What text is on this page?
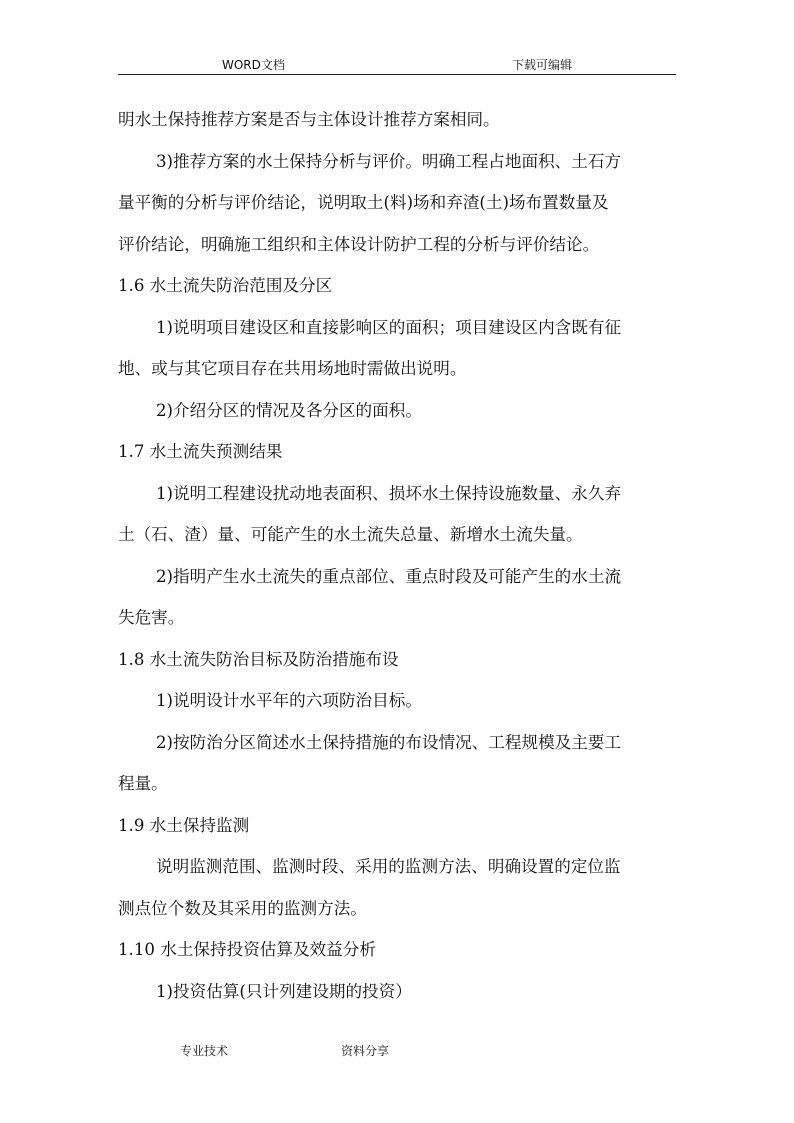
WORD文档	下载可编辑
明水土保持推荐方案是否与主体设计推荐方案相同。
3)推荐方案的水土保持分析与评价。明确工程占地面积、土石方
量平衡的分析与评价结论，说明取土(料)场和弃渣(土)场布置数量及
评价结论，明确施工组织和主体设计防护工程的分析与评价结论。
1.6 水土流失防治范围及分区
1)说明项目建设区和直接影响区的面积；项目建设区内含既有征
地、或与其它项目存在共用场地时需做出说明。
2)介绍分区的情况及各分区的面积。
1.7 水土流失预测结果
1)说明工程建设扰动地表面积、损坏水土保持设施数量、永久弃
土（石、渣）量、可能产生的水土流失总量、新增水土流失量。
2)指明产生水土流失的重点部位、重点时段及可能产生的水土流
失危害。
1.8 水土流失防治目标及防治措施布设
1)说明设计水平年的六项防治目标。
2)按防治分区简述水土保持措施的布设情况、工程规模及主要工
程量。
1.9 水土保持监测
说明监测范围、监测时段、采用的监测方法、明确设置的定位监
测点位个数及其采用的监测方法。
1.10 水土保持投资估算及效益分析
1)投资估算(只计列建设期的投资）
专业技术	资料分享
